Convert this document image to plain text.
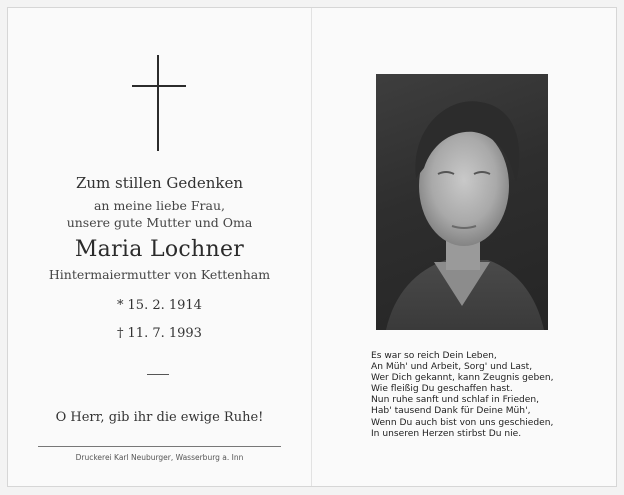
Zum stillen Gedenken
an meine liebe Frau,
unsere gute Mutter und Oma
Maria Lochner
Hintermaiermutter von Kettenham
* 15. 2. 1914
† 11. 7. 1993
O Herr, gib ihr die ewige Ruhe!
Druckerei Karl Neuburger, Wasserburg a. Inn
Es war so reich Dein Leben,
An Müh' und Arbeit, Sorg' und Last,
Wer Dich gekannt, kann Zeugnis geben,
Wie fleißig Du geschaffen hast.
Nun ruhe sanft und schlaf in Frieden,
Hab' tausend Dank für Deine Müh',
Wenn Du auch bist von uns geschieden,
In unseren Herzen stirbst Du nie.
